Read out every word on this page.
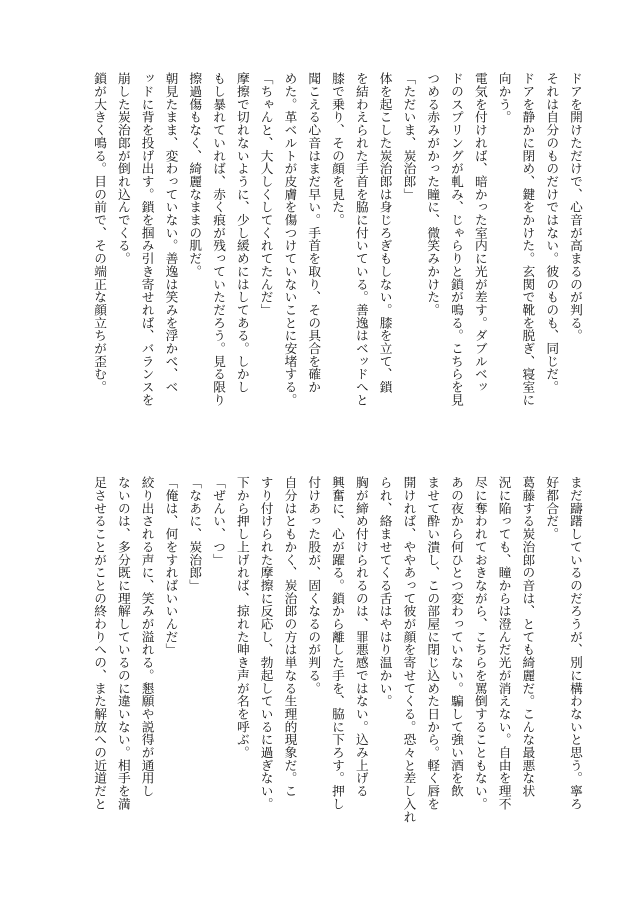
ドアを開けただけで、心音が高まるのが判る。
それは自分のものだけではない。彼のものも、同じだ。
ドアを静かに閉め、鍵をかけた。玄関で靴を脱ぎ、寝室に
向かう。
電気を付ければ、暗かった室内に光が差す。ダブルベッ
ドのスプリングが軋み、じゃらりと鎖が鳴る。こちらを見
つめる赤みがかった瞳に、微笑みかけた。
「ただいま、炭治郎」
体を起こした炭治郎は身じろぎもしない。膝を立て、鎖
を結わえられた手首を脇に付いている。善逸はベッドへと
膝で乗り、その顔を見た。
聞こえる心音はまだ早い。手首を取り、その具合を確か
めた。革ベルトが皮膚を傷つけていないことに安堵する。
「ちゃんと、大人しくしてくれてたんだ」
摩擦で切れないように、少し緩めにはしてある。しかし
もし暴れていれば、赤く痕が残っていただろう。見る限り
擦過傷もなく、綺麗なままの肌だ。
朝見たまま、変わっていない。善逸は笑みを浮かべ、ベ
ッドに背を投げ出す。鎖を掴み引き寄せれば、バランスを
崩した炭治郎が倒れ込んでくる。
鎖が大きく鳴る。目の前で、その端正な顔立ちが歪む。
まだ躊躇しているのだろうが、別に構わないと思う。寧ろ
好都合だ。
葛藤する炭治郎の音は、とても綺麗だ。こんな最悪な状
況に陥っても、瞳からは澄んだ光が消えない。自由を理不
尽に奪われておきながら、こちらを罵倒することもない。
あの夜から何ひとつ変わっていない。騙して強い酒を飲
ませて酔い潰し、この部屋に閉じ込めた日から。軽く唇を
開ければ、ややあって彼が顔を寄せてくる。恐々と差し入れ
られ、絡ませてくる舌はやはり温かい。
胸が締め付けられるのは、罪悪感ではない。込み上げる
興奮に、心が躍る。鎖から離した手を、脇に下ろす。押し
付けあった股が、固くなるのが判る。
自分はともかく、炭治郎の方は単なる生理的現象だ。こ
すり付けられた摩擦に反応し、勃起しているに過ぎない。
下から押し上げれば、掠れた呻き声が名を呼ぶ。
「ぜんい、つ」
「なあに、炭治郎」
「俺は、何をすればいいんだ」
絞り出される声に、笑みが溢れる。懇願や説得が通用し
ないのは、多分既に理解しているのに違いない。相手を満
足させることがことの終わりへの、また解放への近道だと
